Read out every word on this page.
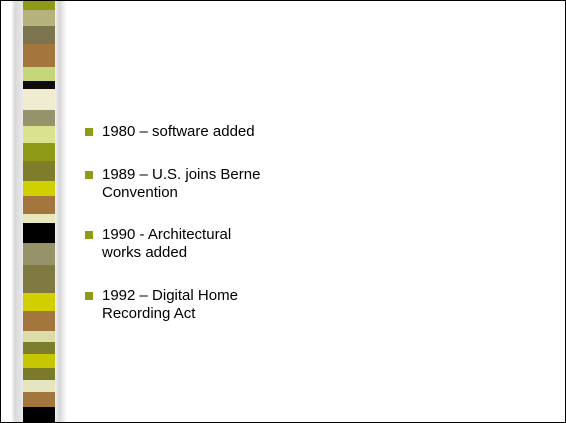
1980 – software added
1989 – U.S. joins Berne
Convention
1990 - Architectural
works added
1992 – Digital Home
Recording Act
